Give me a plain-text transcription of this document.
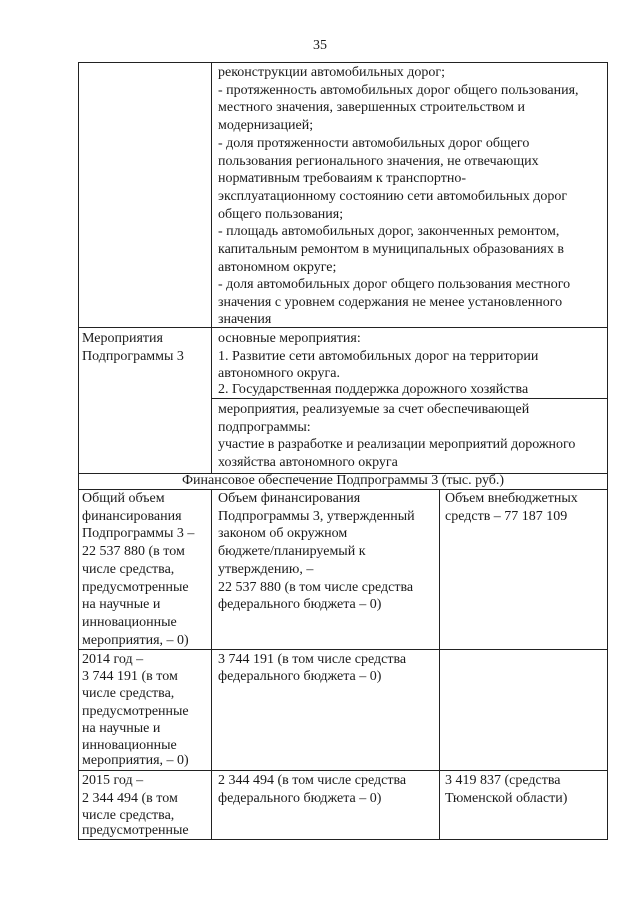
35
реконструкции автомобильных дорог;
- протяженность автомобильных дорог общего пользования,
местного значения, завершенных строительством и
модернизацией;
- доля протяженности автомобильных дорог общего
пользования регионального значения, не отвечающих
нормативным требоваиям к транспортно-
эксплуатационному состоянию сети автомобильных дорог
общего пользования;
- площадь автомобильных дорог, законченных ремонтом,
капитальным ремонтом в муниципальных образованиях в
автономном округе;
- доля автомобильных дорог общего пользования местного
значения с уровнем содержания не менее установленного
значения
Мероприятия
Подпрограммы 3
основные мероприятия:
1. Развитие сети автомобильных дорог на территории
автономного округа.
2. Государственная поддержка дорожного хозяйства
мероприятия, реализуемые за счет обеспечивающей
подпрограммы:
участие в разработке и реализации мероприятий дорожного
хозяйства автономного округа
Финансовое обеспечение Подпрограммы 3 (тыс. руб.)
Общий объем
финансирования
Подпрограммы 3 –
22 537 880 (в том
числе средства,
предусмотренные
на научные и
инновационные
мероприятия, – 0)
Объем финансирования
Подпрограммы 3, утвержденный
законом об окружном
бюджете/планируемый к
утверждению, –
22 537 880 (в том числе средства
федерального бюджета – 0)
Объем внебюджетных
средств – 77 187 109
2014 год –
3 744 191 (в том
числе средства,
предусмотренные
на научные и
инновационные
мероприятия, – 0)
3 744 191 (в том числе средства
федерального бюджета – 0)
2015 год –
2 344 494 (в том
числе средства,
предусмотренные
2 344 494 (в том числе средства
федерального бюджета – 0)
3 419 837 (средства
Тюменской области)
